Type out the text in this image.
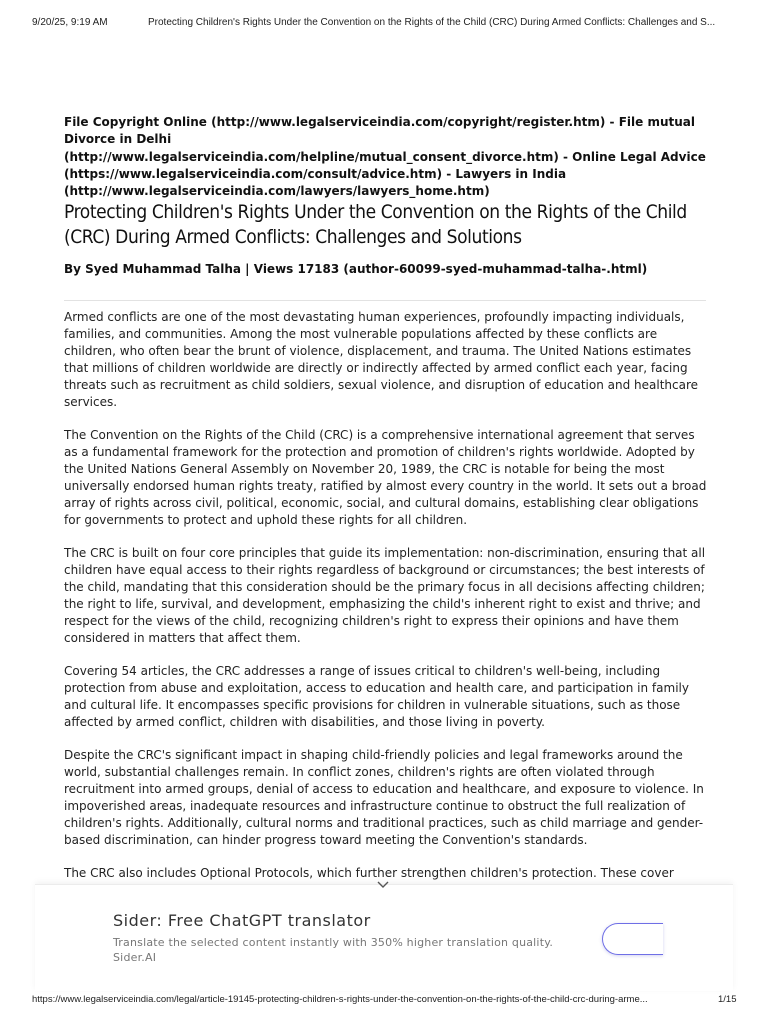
9/20/25, 9:19 AM	Protecting Children's Rights Under the Convention on the Rights of the Child (CRC) During Armed Conflicts: Challenges and S...

File Copyright Online (http://www.legalserviceindia.com/copyright/register.htm) - File mutual Divorce in Delhi

(http://www.legalserviceindia.com/helpline/mutual_consent_divorce.htm) - Online Legal Advice

(https://www.legalserviceindia.com/consult/advice.htm) - Lawyers in India

(http://www.legalserviceindia.com/lawyers/lawyers_home.htm)

Protecting Children's Rights Under the Convention on the Rights of the Child (CRC) During Armed Conflicts: Challenges and Solutions
By Syed Muhammad Talha | Views 17183 (author-60099-syed-muhammad-talha-.html)

Armed conflicts are one of the most devastating human experiences, profoundly impacting individuals, families, and communities. Among the most vulnerable populations affected by these conflicts are children, who often bear the brunt of violence, displacement, and trauma. The United Nations estimates that millions of children worldwide are directly or indirectly affected by armed conflict each year, facing threats such as recruitment as child soldiers, sexual violence, and disruption of education and healthcare services.

The Convention on the Rights of the Child (CRC) is a comprehensive international agreement that serves as a fundamental framework for the protection and promotion of children's rights worldwide. Adopted by the United Nations General Assembly on November 20, 1989, the CRC is notable for being the most universally endorsed human rights treaty, ratified by almost every country in the world. It sets out a broad array of rights across civil, political, economic, social, and cultural domains, establishing clear obligations for governments to protect and uphold these rights for all children.

The CRC is built on four core principles that guide its implementation: non-discrimination, ensuring that all children have equal access to their rights regardless of background or circumstances; the best interests of the child, mandating that this consideration should be the primary focus in all decisions affecting children; the right to life, survival, and development, emphasizing the child's inherent right to exist and thrive; and respect for the views of the child, recognizing children's right to express their opinions and have them considered in matters that affect them.

Covering 54 articles, the CRC addresses a range of issues critical to children's well-being, including protection from abuse and exploitation, access to education and health care, and participation in family and cultural life. It encompasses specific provisions for children in vulnerable situations, such as those affected by armed conflict, children with disabilities, and those living in poverty.

Despite the CRC's significant impact in shaping child-friendly policies and legal frameworks around the world, substantial challenges remain. In conflict zones, children's rights are often violated through recruitment into armed groups, denial of access to education and healthcare, and exposure to violence. In impoverished areas, inadequate resources and infrastructure continue to obstruct the full realization of children's rights. Additionally, cultural norms and traditional practices, such as child marriage and gender-based discrimination, can hinder progress toward meeting the Convention's standards.

The CRC also includes Optional Protocols, which further strengthen children's protection. These cover

Sider: Free ChatGPT translator
Translate the selected content instantly with 350% higher translation quality.
Sider.AI
https://www.legalserviceindia.com/legal/article-19145-protecting-children-s-rights-under-the-convention-on-the-rights-of-the-child-crc-during-arme...	1/15
